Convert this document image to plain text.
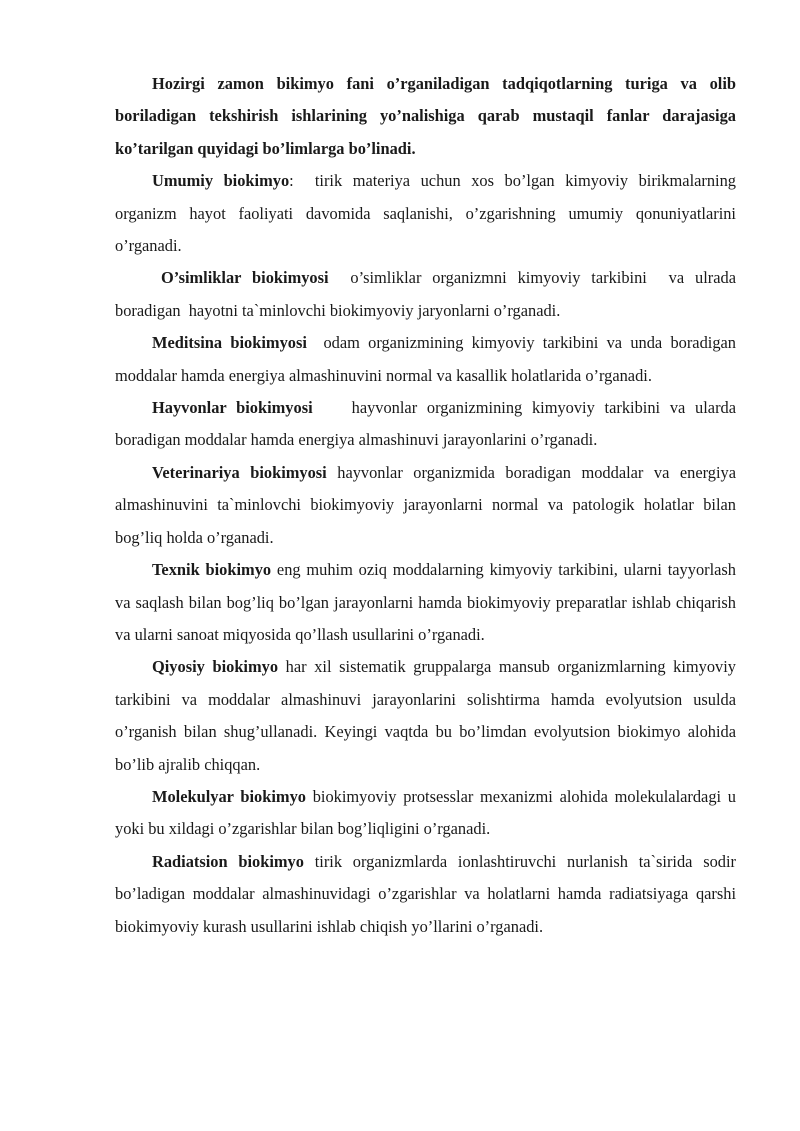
Hozirgi zamon bikimyo fani o’rganiladigan tadqiqotlarning turiga va olib boriladigan tekshirish ishlarining yo’nalishiga qarab mustaqil fanlar darajasiga ko’tarilgan quyidagi bo’limlarga bo’linadi.

Umumiy biokimyo:  tirik materiya uchun xos bo’lgan kimyoviy birikmalarning organizm hayot faoliyati davomida saqlanishi, o’zgarishning umumiy qonuniyatlarini o’rganadi.

O’simliklar biokimyosi  o’simliklar organizmni kimyoviy tarkibini  va ulrada boradigan  hayotni ta`minlovchi biokimyoviy jaryonlarni o’rganadi.

Meditsina biokimyosi  odam organizmining kimyoviy tarkibini va unda boradigan moddalar hamda energiya almashinuvini normal va kasallik holatlarida o’rganadi.

Hayvonlar biokimyosi    hayvonlar organizmining kimyoviy tarkibini va ularda boradigan moddalar hamda energiya almashinuvi jarayonlarini o’rganadi.

Veterinariya biokimyosi hayvonlar organizmida boradigan moddalar va energiya almashinuvini ta`minlovchi biokimyoviy jarayonlarni normal va patologik holatlar bilan bog’liq holda o’rganadi.

Texnik biokimyo eng muhim oziq moddalarning kimyoviy tarkibini, ularni tayyorlash va saqlash bilan bog’liq bo’lgan jarayonlarni hamda biokimyoviy preparatlar ishlab chiqarish va ularni sanoat miqyosida qo’llash usullarini o’rganadi.

Qiyosiy biokimyo har xil sistematik gruppalarga mansub organizmlarning kimyoviy tarkibini va moddalar almashinuvi jarayonlarini solishtirma hamda evolyutsion usulda o’rganish bilan shug’ullanadi. Keyingi vaqtda bu bo’limdan evolyutsion biokimyo alohida bo’lib ajralib chiqqan.

Molekulyar biokimyo biokimyoviy protsesslar mexanizmi alohida molekulalardagi u yoki bu xildagi o’zgarishlar bilan bog’liqligini o’rganadi.

Radiatsion biokimyo tirik organizmlarda ionlashtiruvchi nurlanish ta`sirida sodir bo’ladigan moddalar almashinuvidagi o’zgarishlar va holatlarni hamda radiatsiyaga qarshi biokimyoviy kurash usullarini ishlab chiqish yo’llarini o’rganadi.
